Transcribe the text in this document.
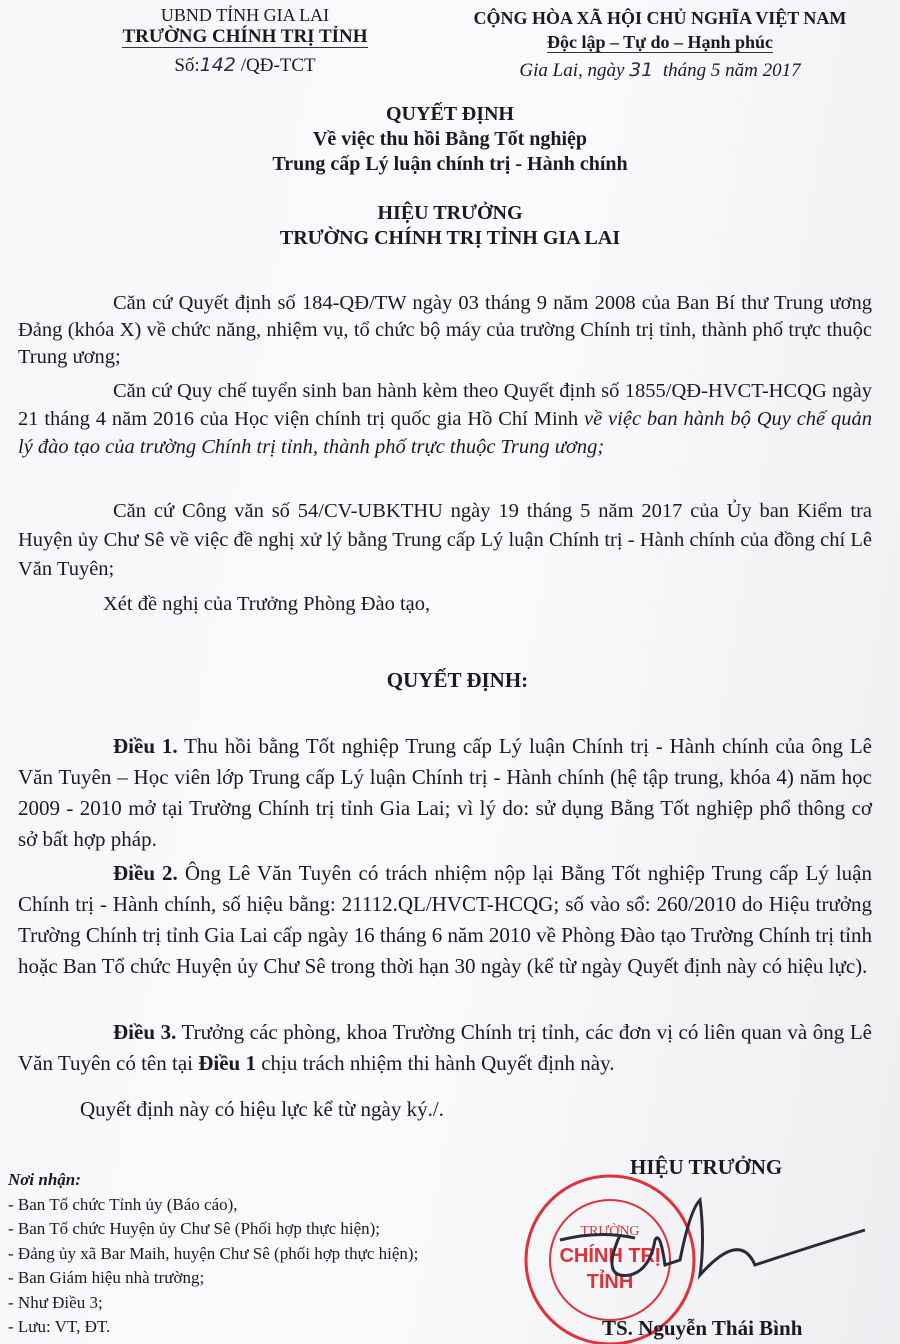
UBND TỈNH GIA LAI
TRƯỜNG CHÍNH TRỊ TỈNH
Số:142 /QĐ-TCT
CỘNG HÒA XÃ HỘI CHỦ NGHĨA VIỆT NAM
Độc lập – Tự do – Hạnh phúc
Gia Lai, ngày 31 tháng 5 năm 2017
QUYẾT ĐỊNH
Về việc thu hồi Bằng Tốt nghiệp
Trung cấp Lý luận chính trị - Hành chính
HIỆU TRƯỞNG
TRƯỜNG CHÍNH TRỊ TỈNH GIA LAI
Căn cứ Quyết định số 184-QĐ/TW ngày 03 tháng 9 năm 2008 của Ban Bí thư Trung ương Đảng (khóa X) về chức năng, nhiệm vụ, tổ chức bộ máy của trường Chính trị tỉnh, thành phố trực thuộc Trung ương;
Căn cứ Quy chế tuyển sinh ban hành kèm theo Quyết định số 1855/QĐ-HVCT-HCQG ngày 21 tháng 4 năm 2016 của Học viện chính trị quốc gia Hồ Chí Minh về việc ban hành bộ Quy chế quản lý đào tạo của trường Chính trị tỉnh, thành phố trực thuộc Trung ương;
Căn cứ Công văn số 54/CV-UBKTHU ngày 19 tháng 5 năm 2017 của Ủy ban Kiểm tra Huyện ủy Chư Sê về việc đề nghị xử lý bằng Trung cấp Lý luận Chính trị - Hành chính của đồng chí Lê Văn Tuyên;
Xét đề nghị của Trưởng Phòng Đào tạo,
QUYẾT ĐỊNH:
Điều 1. Thu hồi bằng Tốt nghiệp Trung cấp Lý luận Chính trị - Hành chính của ông Lê Văn Tuyên – Học viên lớp Trung cấp Lý luận Chính trị - Hành chính (hệ tập trung, khóa 4) năm học 2009 - 2010 mở tại Trường Chính trị tỉnh Gia Lai; vì lý do: sử dụng Bằng Tốt nghiệp phổ thông cơ sở bất hợp pháp.
Điều 2. Ông Lê Văn Tuyên có trách nhiệm nộp lại Bằng Tốt nghiệp Trung cấp Lý luận Chính trị - Hành chính, số hiệu bằng: 21112.QL/HVCT-HCQG; số vào sổ: 260/2010 do Hiệu trưởng Trường Chính trị tỉnh Gia Lai cấp ngày 16 tháng 6 năm 2010 về Phòng Đào tạo Trường Chính trị tỉnh hoặc Ban Tổ chức Huyện ủy Chư Sê trong thời hạn 30 ngày (kể từ ngày Quyết định này có hiệu lực).
Điều 3. Trưởng các phòng, khoa Trường Chính trị tỉnh, các đơn vị có liên quan và ông Lê Văn Tuyên có tên tại Điều 1 chịu trách nhiệm thi hành Quyết định này.
Quyết định này có hiệu lực kể từ ngày ký./.
Nơi nhận:
- Ban Tổ chức Tỉnh ủy (Báo cáo),
- Ban Tổ chức Huyện ủy Chư Sê (Phối hợp thực hiện);
- Đảng ủy xã Bar Maih, huyện Chư Sê (phối hợp thực hiện);
- Ban Giám hiệu nhà trường;
- Như Điều 3;
- Lưu: VT, ĐT.
TRƯỜNG
CHÍNH TRỊ
TỈNH
HIỆU TRƯỞNG
TS. Nguyễn Thái Bình
